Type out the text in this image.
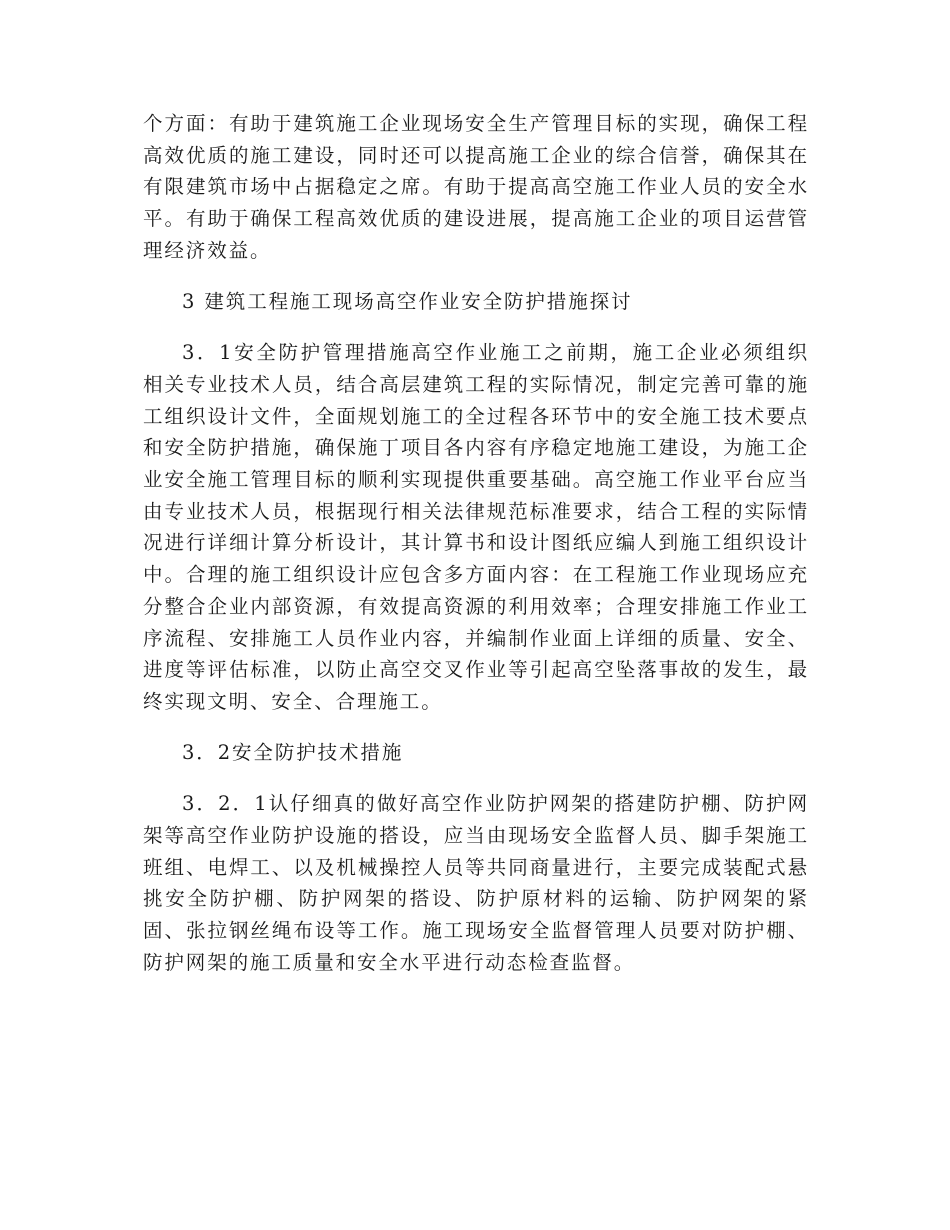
个方面：有助于建筑施工企业现场安全生产管理目标的实现，确保工程高效优质的施工建设，同时还可以提高施工企业的综合信誉，确保其在有限建筑市场中占据稳定之席。有助于提高高空施工作业人员的安全水平。有助于确保工程高效优质的建设进展，提高施工企业的项目运营管理经济效益。

3 建筑工程施工现场高空作业安全防护措施探讨

3．1安全防护管理措施高空作业施工之前期，施工企业必须组织相关专业技术人员，结合高层建筑工程的实际情况，制定完善可靠的施工组织设计文件，全面规划施工的全过程各环节中的安全施工技术要点和安全防护措施，确保施丁项目各内容有序稳定地施工建设，为施工企业安全施工管理目标的顺利实现提供重要基础。高空施工作业平台应当由专业技术人员，根据现行相关法律规范标准要求，结合工程的实际情况进行详细计算分析设计，其计算书和设计图纸应编人到施工组织设计中。合理的施工组织设计应包含多方面内容：在工程施工作业现场应充分整合企业内部资源，有效提高资源的利用效率；合理安排施工作业工序流程、安排施工人员作业内容，并编制作业面上详细的质量、安全、进度等评估标准，以防止高空交叉作业等引起高空坠落事故的发生，最终实现文明、安全、合理施工。

3．2安全防护技术措施

3．2．1认仔细真的做好高空作业防护网架的搭建防护棚、防护网架等高空作业防护设施的搭设，应当由现场安全监督人员、脚手架施工班组、电焊工、以及机械操控人员等共同商量进行，主要完成装配式悬挑安全防护棚、防护网架的搭设、防护原材料的运输、防护网架的紧固、张拉钢丝绳布设等工作。施工现场安全监督管理人员要对防护棚、防护网架的施工质量和安全水平进行动态检查监督。
